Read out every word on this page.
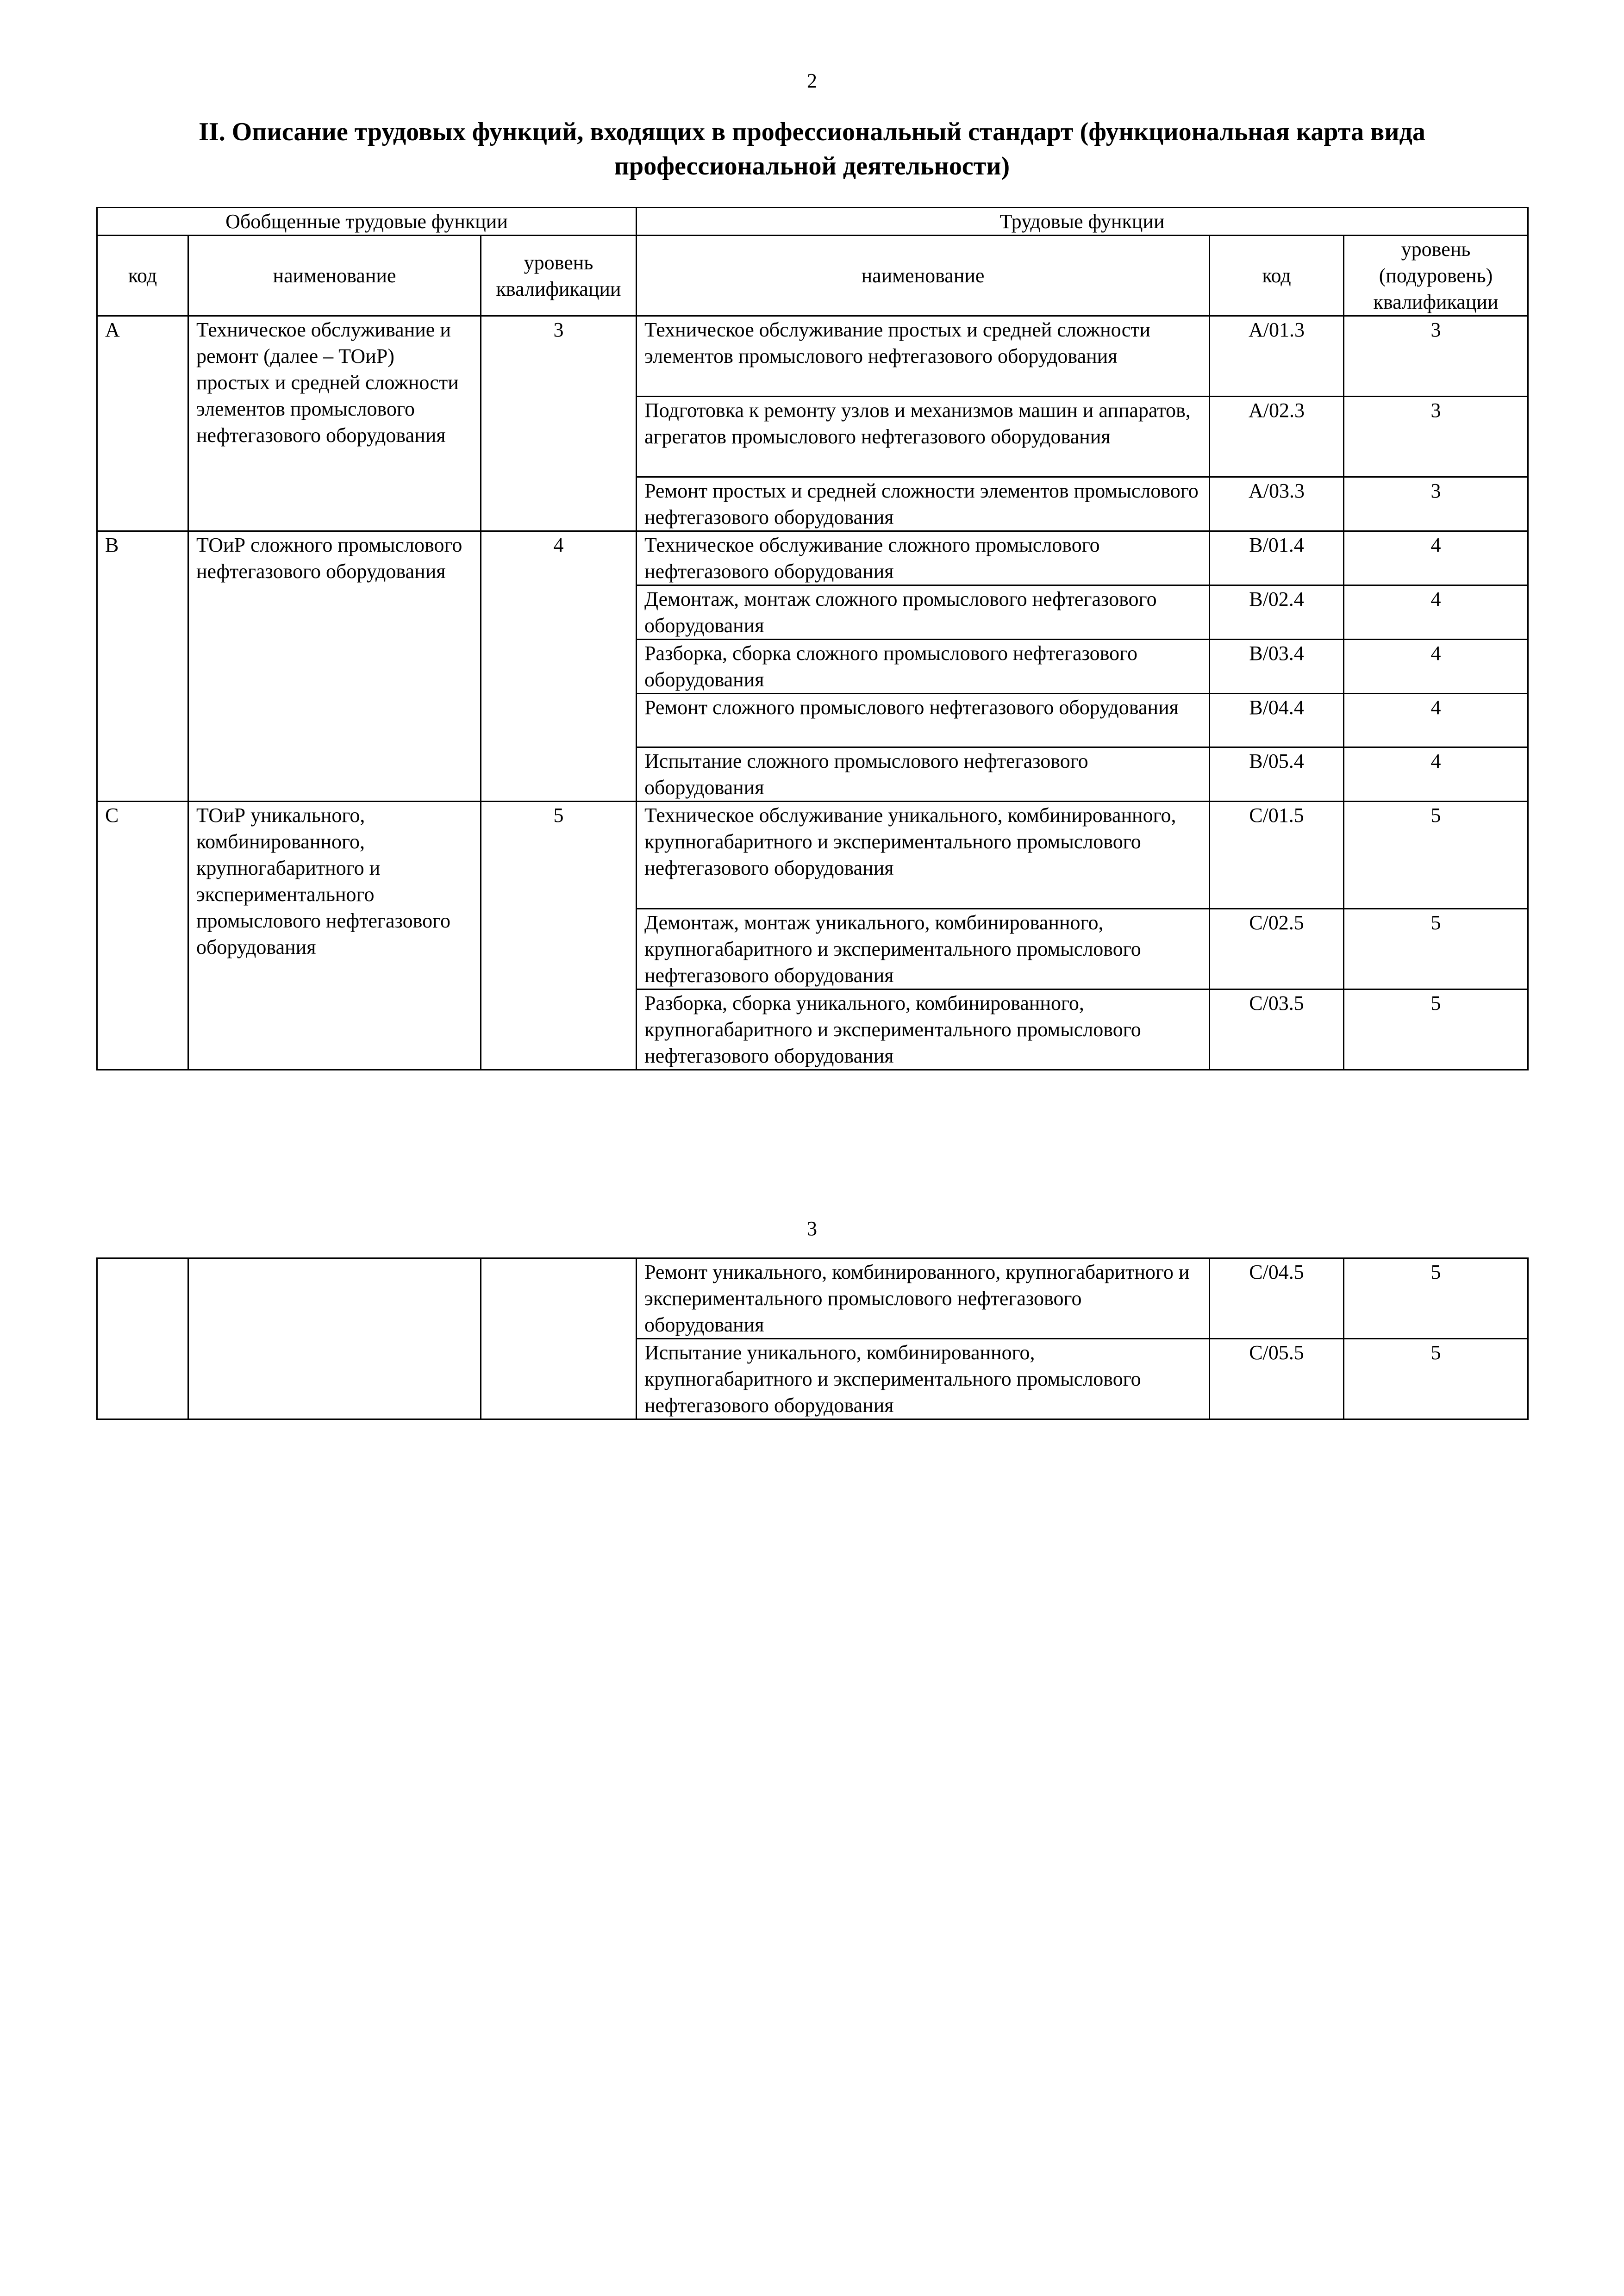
2
II. Описание трудовых функций, входящих в профессиональный стандарт (функциональная карта вида профессиональной деятельности)
Обобщенные трудовые функции			Трудовые функции		
код	наименование	уровень квалификации	наименование	код	уровень (подуровень) квалификации
A	Техническое обслуживание и ремонт (далее – ТОиР) простых и средней сложности элементов промыслового нефтегазового оборудования	3	Техническое обслуживание простых и средней сложности элементов промыслового нефтегазового оборудования	A/01.3	3
			Подготовка к ремонту узлов и механизмов машин и аппаратов, агрегатов промыслового нефтегазового оборудования	A/02.3	3
			Ремонт простых и средней сложности элементов промыслового нефтегазового оборудования	A/03.3	3
B	ТОиР сложного промыслового нефтегазового оборудования	4	Техническое обслуживание сложного промыслового нефтегазового оборудования	B/01.4	4
			Демонтаж, монтаж сложного промыслового нефтегазового оборудования	B/02.4	4
			Разборка, сборка сложного промыслового нефтегазового оборудования	B/03.4	4
			Ремонт сложного промыслового нефтегазового оборудования	B/04.4	4
			Испытание сложного промыслового нефтегазового оборудования	B/05.4	4
C	ТОиР уникального, комбинированного, крупногабаритного и экспериментального промыслового нефтегазового оборудования	5	Техническое обслуживание уникального, комбинированного, крупногабаритного и экспериментального промыслового нефтегазового оборудования	C/01.5	5
			Демонтаж, монтаж уникального, комбинированного, крупногабаритного и экспериментального промыслового нефтегазового оборудования	C/02.5	5
			Разборка, сборка уникального, комбинированного, крупногабаритного и экспериментального промыслового нефтегазового оборудования	C/03.5	5
3
			Ремонт уникального, комбинированного, крупногабаритного и экспериментального промыслового нефтегазового оборудования	C/04.5	5
			Испытание уникального, комбинированного, крупногабаритного и экспериментального промыслового нефтегазового оборудования	C/05.5	5
